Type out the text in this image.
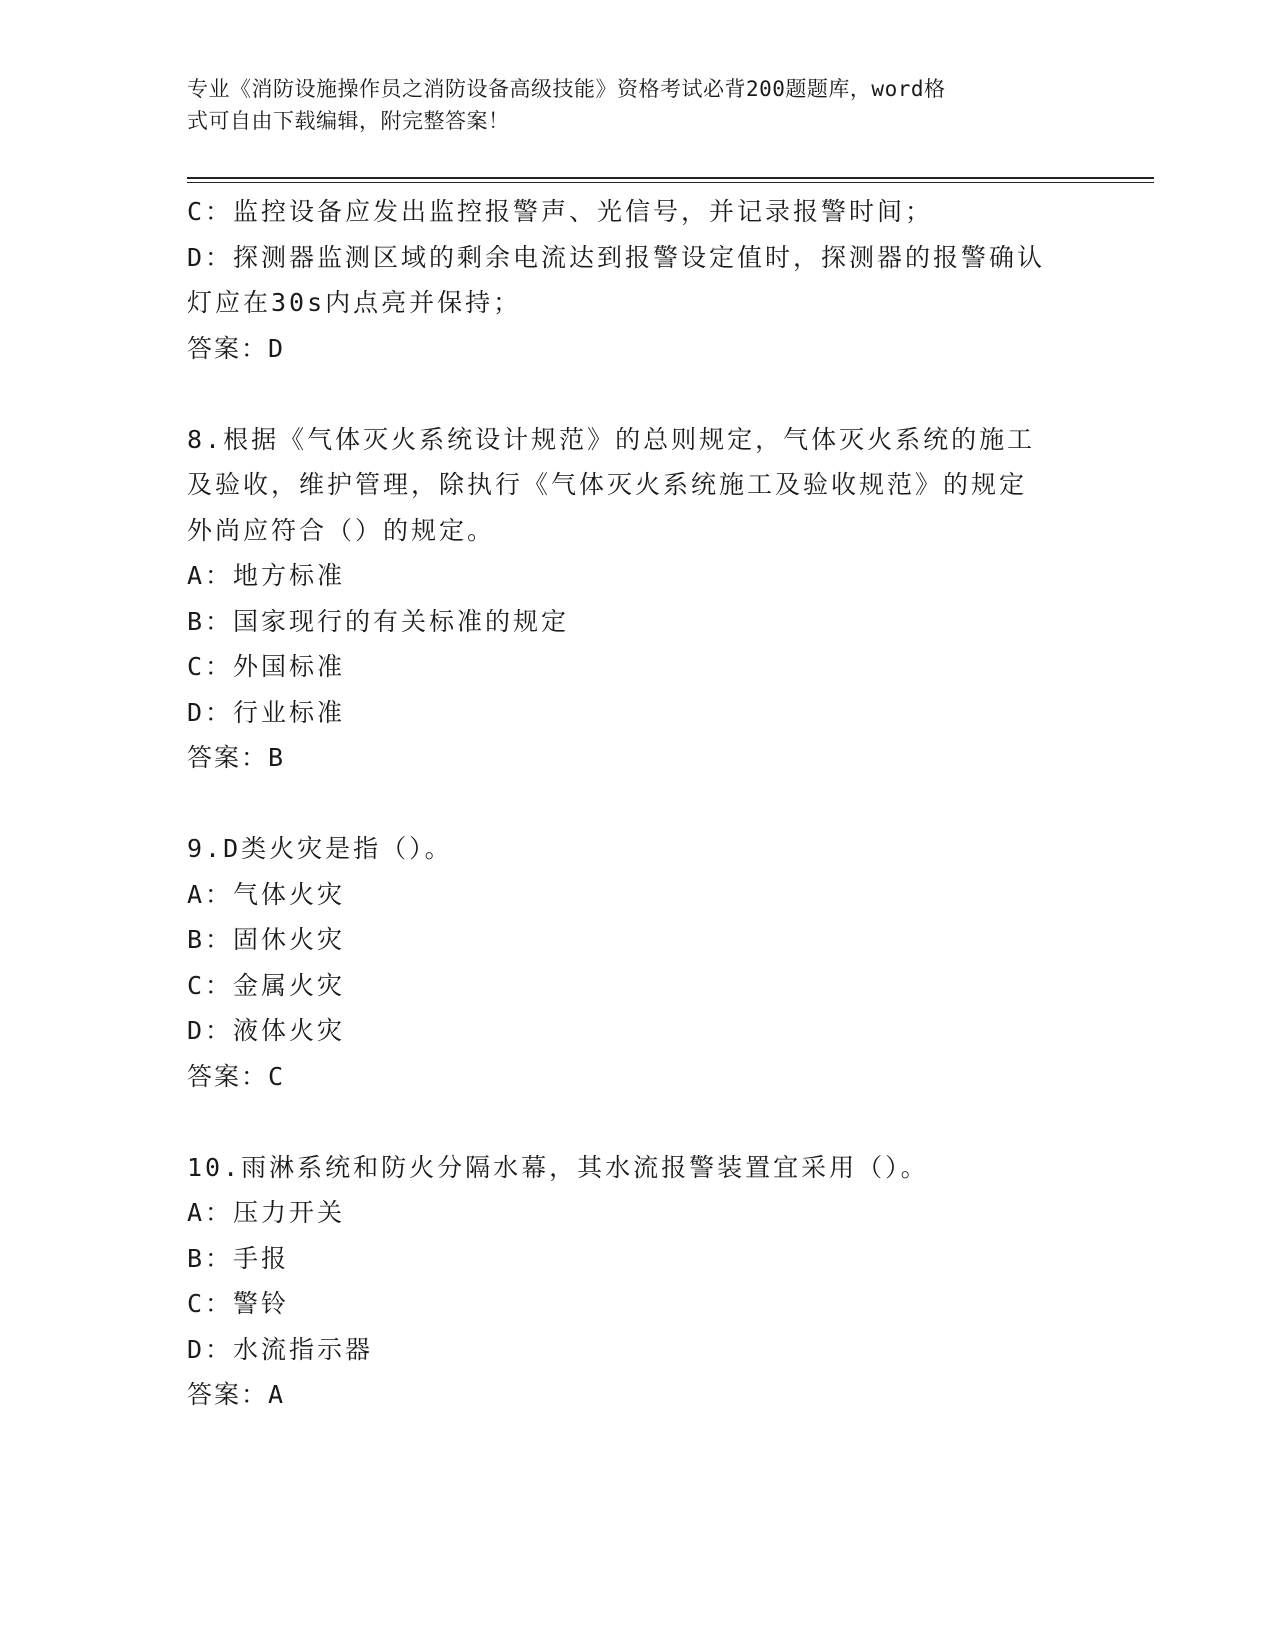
专业《消防设施操作员之消防设备高级技能》资格考试必背200题题库，word格
式可自由下载编辑，附完整答案！
C：监控设备应发出监控报警声、光信号，并记录报警时间；
D：探测器监测区域的剩余电流达到报警设定值时，探测器的报警确认
灯应在30s内点亮并保持；
答案：D
8.根据《气体灭火系统设计规范》的总则规定，气体灭火系统的施工
及验收，维护管理，除执行《气体灭火系统施工及验收规范》的规定
外尚应符合（）的规定。
A：地方标准
B：国家现行的有关标准的规定
C：外国标准
D：行业标准
答案：B
9.D类火灾是指（）。
A：气体火灾
B：固休火灾
C：金属火灾
D：液体火灾
答案：C
10.雨淋系统和防火分隔水幕，其水流报警装置宜采用（）。
A：压力开关
B：手报
C：警铃
D：水流指示器
答案：A
